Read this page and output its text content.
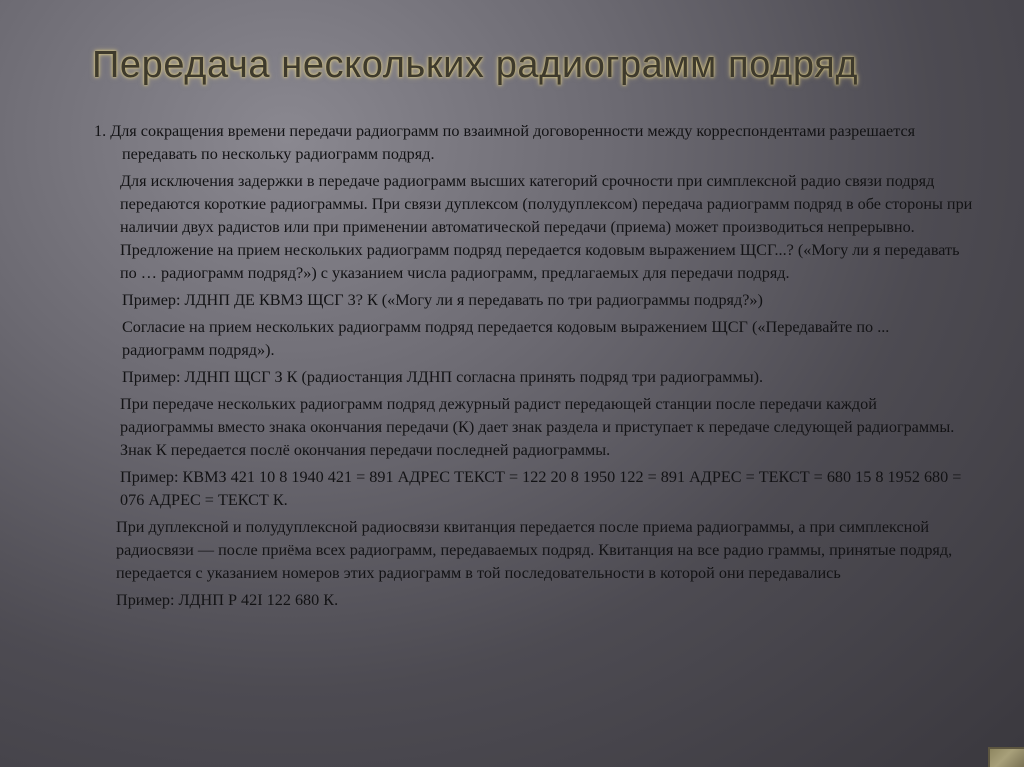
Передача нескольких радиограмм подряд

1. Для сокращения времени передачи радиограмм по взаимной договоренности между корреспондентами разрешается передавать по нескольку радиограмм подряд.

Для исключения задержки в передаче радиограмм высших категорий срочности при симплексной радио связи подряд передаются короткие радиограммы. При связи дуплексом (полудуплексом) передача радиограмм подряд в обе стороны при наличии двух радистов или при применении автоматической передачи (приема) может производиться непрерывно. Предложение на прием нескольких радиограмм подряд передается кодовым выражением ЩСГ...? («Могу ли я передавать по … радиограмм подряд?») с указанием числа радиограмм, предлагаемых для передачи подряд.

Пример: ЛДНП ДЕ КВМЗ ЩСГ 3? К («Могу ли я передавать по три радиограммы подряд?»)

Согласие на прием нескольких радиограмм подряд передается кодовым выражением ЩСГ («Передавайте по ... радиограмм подряд»).

Пример: ЛДНП ЩСГ З К (радиостанция ЛДНП согласна принять подряд три радиограммы).

При передаче нескольких радиограмм подряд дежурный радист передающей станции после передачи каждой радиограммы вместо знака окончания передачи (К) дает знак раздела и приступает к передаче следующей радиограммы. Знак К передается послё окончания передачи последней радиограммы.

Пример: КВМЗ 421 10 8 1940 421 = 891 АДРЕС ТЕКСТ = 122 20 8 1950 122 = 891 АДРЕС = ТЕКСТ = 680 15 8 1952 680 = 076 АДРЕС = ТЕКСТ К.

При дуплексной и полудуплексной радиосвязи квитанция передается после приема радиограммы, а при симплексной радиосвязи — после приёма всех радиограмм, передаваемых подряд. Квитанция на все радио граммы, принятые подряд, передается с указанием номеров этих радиограмм в той последовательности в которой они передавались

Пример: ЛДНП Р 42I 122 680 К.
